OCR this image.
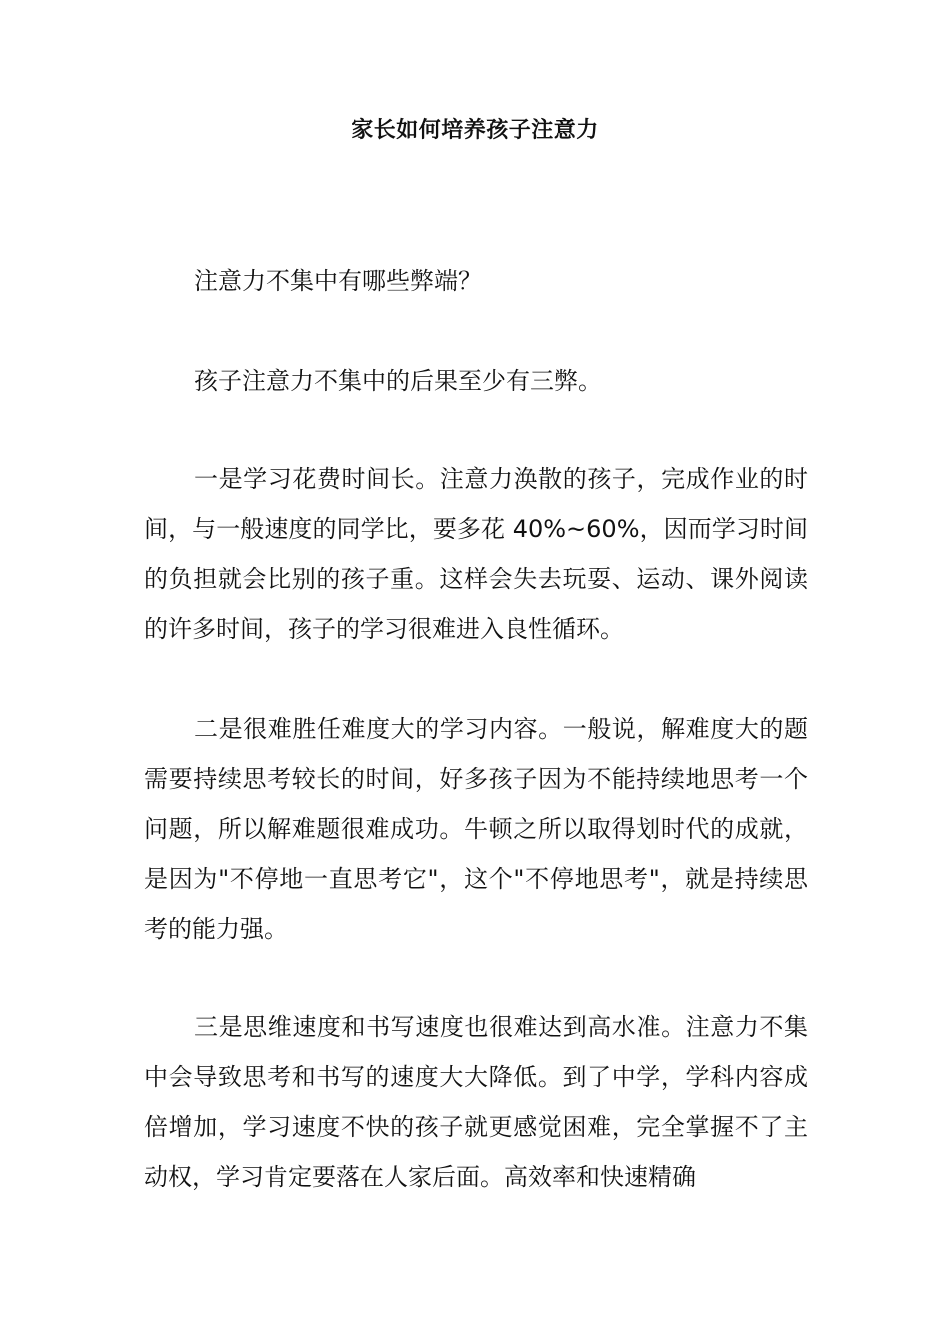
家长如何培养孩子注意力

注意力不集中有哪些弊端？

孩子注意力不集中的后果至少有三弊。

一是学习花费时间长。注意力涣散的孩子，完成作业的时间，与一般速度的同学比，要多花 40%~60%，因而学习时间的负担就会比别的孩子重。这样会失去玩耍、运动、课外阅读的许多时间，孩子的学习很难进入良性循环。

二是很难胜任难度大的学习内容。一般说，解难度大的题需要持续思考较长的时间，好多孩子因为不能持续地思考一个问题，所以解难题很难成功。牛顿之所以取得划时代的成就，是因为"不停地一直思考它"，这个"不停地思考"，就是持续思考的能力强。

三是思维速度和书写速度也很难达到高水准。注意力不集中会导致思考和书写的速度大大降低。到了中学，学科内容成倍增加，学习速度不快的孩子就更感觉困难，完全掌握不了主动权，学习肯定要落在人家后面。高效率和快速精确
